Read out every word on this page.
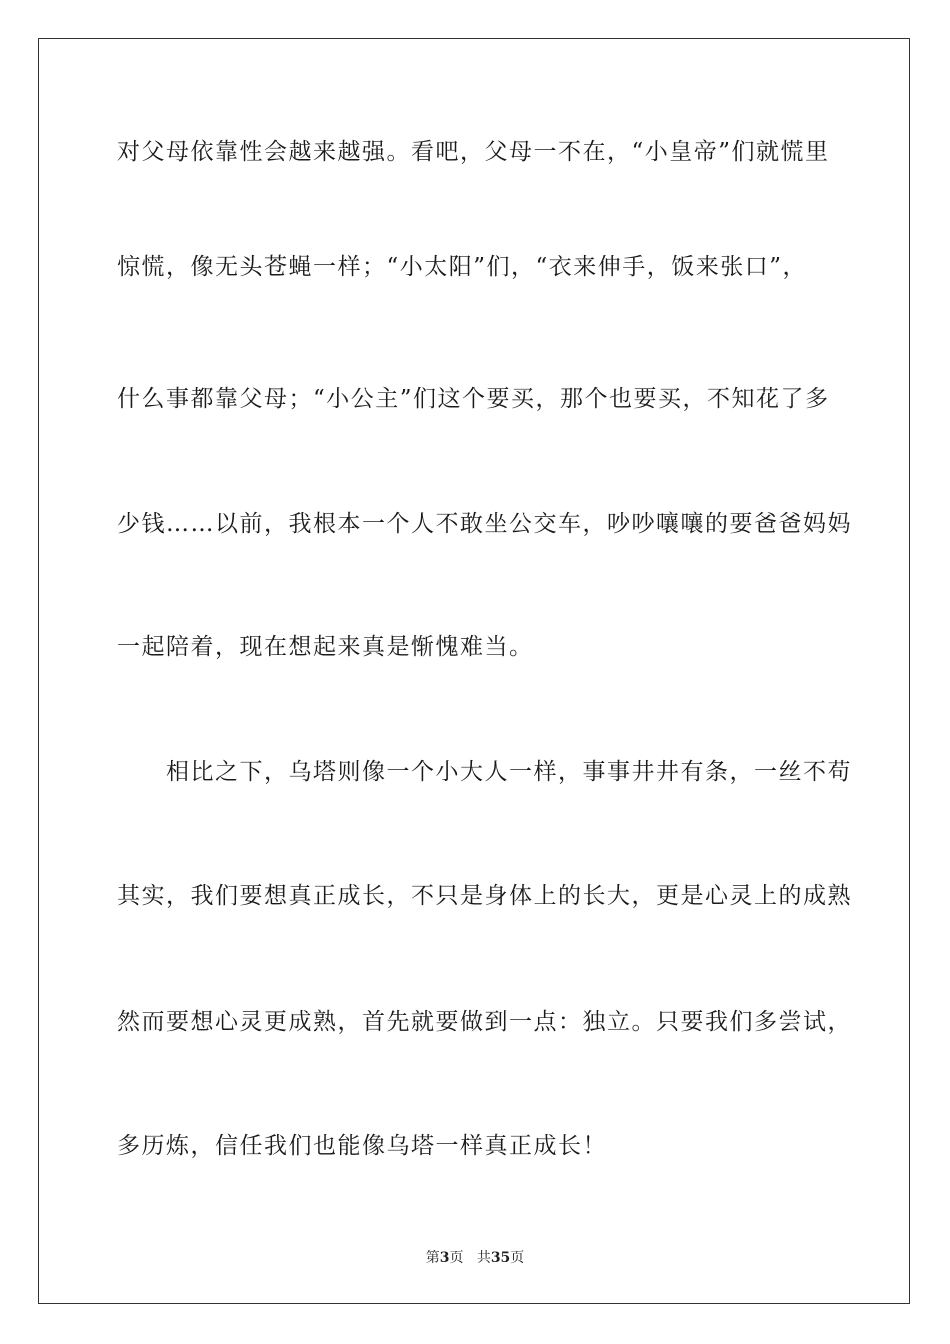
对父母依靠性会越来越强。看吧，父母一不在，“小皇帝”们就慌里
惊慌，像无头苍蝇一样；“小太阳”们，“衣来伸手，饭来张口”，
什么事都靠父母；“小公主”们这个要买，那个也要买，不知花了多
少钱……以前，我根本一个人不敢坐公交车，吵吵嚷嚷的要爸爸妈妈
一起陪着，现在想起来真是惭愧难当。
　　相比之下，乌塔则像一个小大人一样，事事井井有条，一丝不苟
其实，我们要想真正成长，不只是身体上的长大，更是心灵上的成熟
然而要想心灵更成熟，首先就要做到一点：独立。只要我们多尝试，
多历炼，信任我们也能像乌塔一样真正成长！
第3页 共35页
